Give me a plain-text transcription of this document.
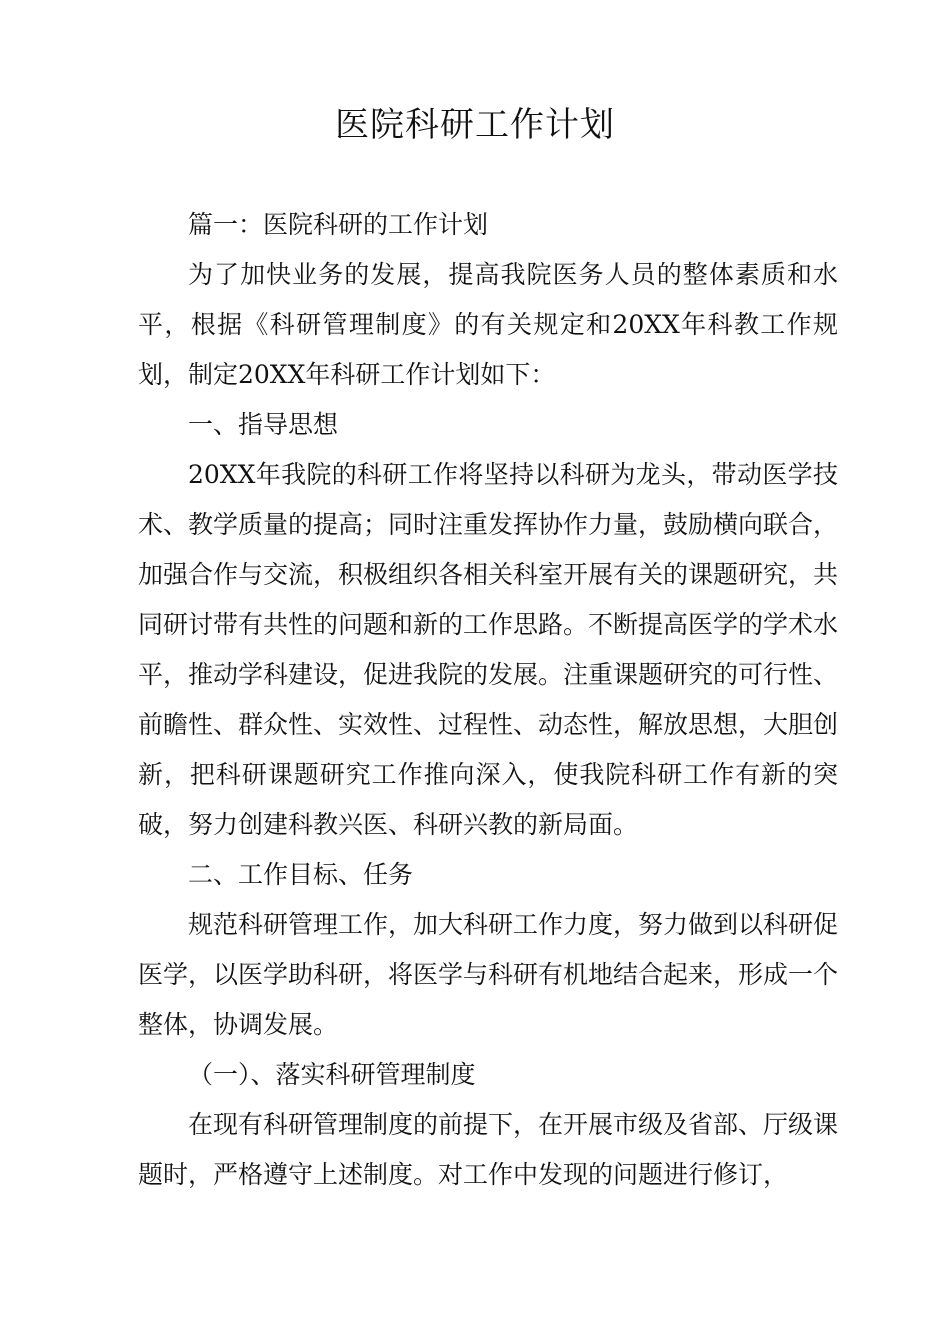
医院科研工作计划

篇一：医院科研的工作计划

为了加快业务的发展，提高我院医务人员的整体素质和水平，根据《科研管理制度》的有关规定和20XX年科教工作规划，制定20XX年科研工作计划如下：

一、指导思想

20XX年我院的科研工作将坚持以科研为龙头，带动医学技术、教学质量的提高；同时注重发挥协作力量，鼓励横向联合，加强合作与交流，积极组织各相关科室开展有关的课题研究，共同研讨带有共性的问题和新的工作思路。不断提高医学的学术水平，推动学科建设，促进我院的发展。注重课题研究的可行性、前瞻性、群众性、实效性、过程性、动态性，解放思想，大胆创新，把科研课题研究工作推向深入，使我院科研工作有新的突破，努力创建科教兴医、科研兴教的新局面。

二、工作目标、任务

规范科研管理工作，加大科研工作力度，努力做到以科研促医学，以医学助科研，将医学与科研有机地结合起来，形成一个整体，协调发展。

（一）、落实科研管理制度

在现有科研管理制度的前提下，在开展市级及省部、厅级课题时，严格遵守上述制度。对工作中发现的问题进行修订，
